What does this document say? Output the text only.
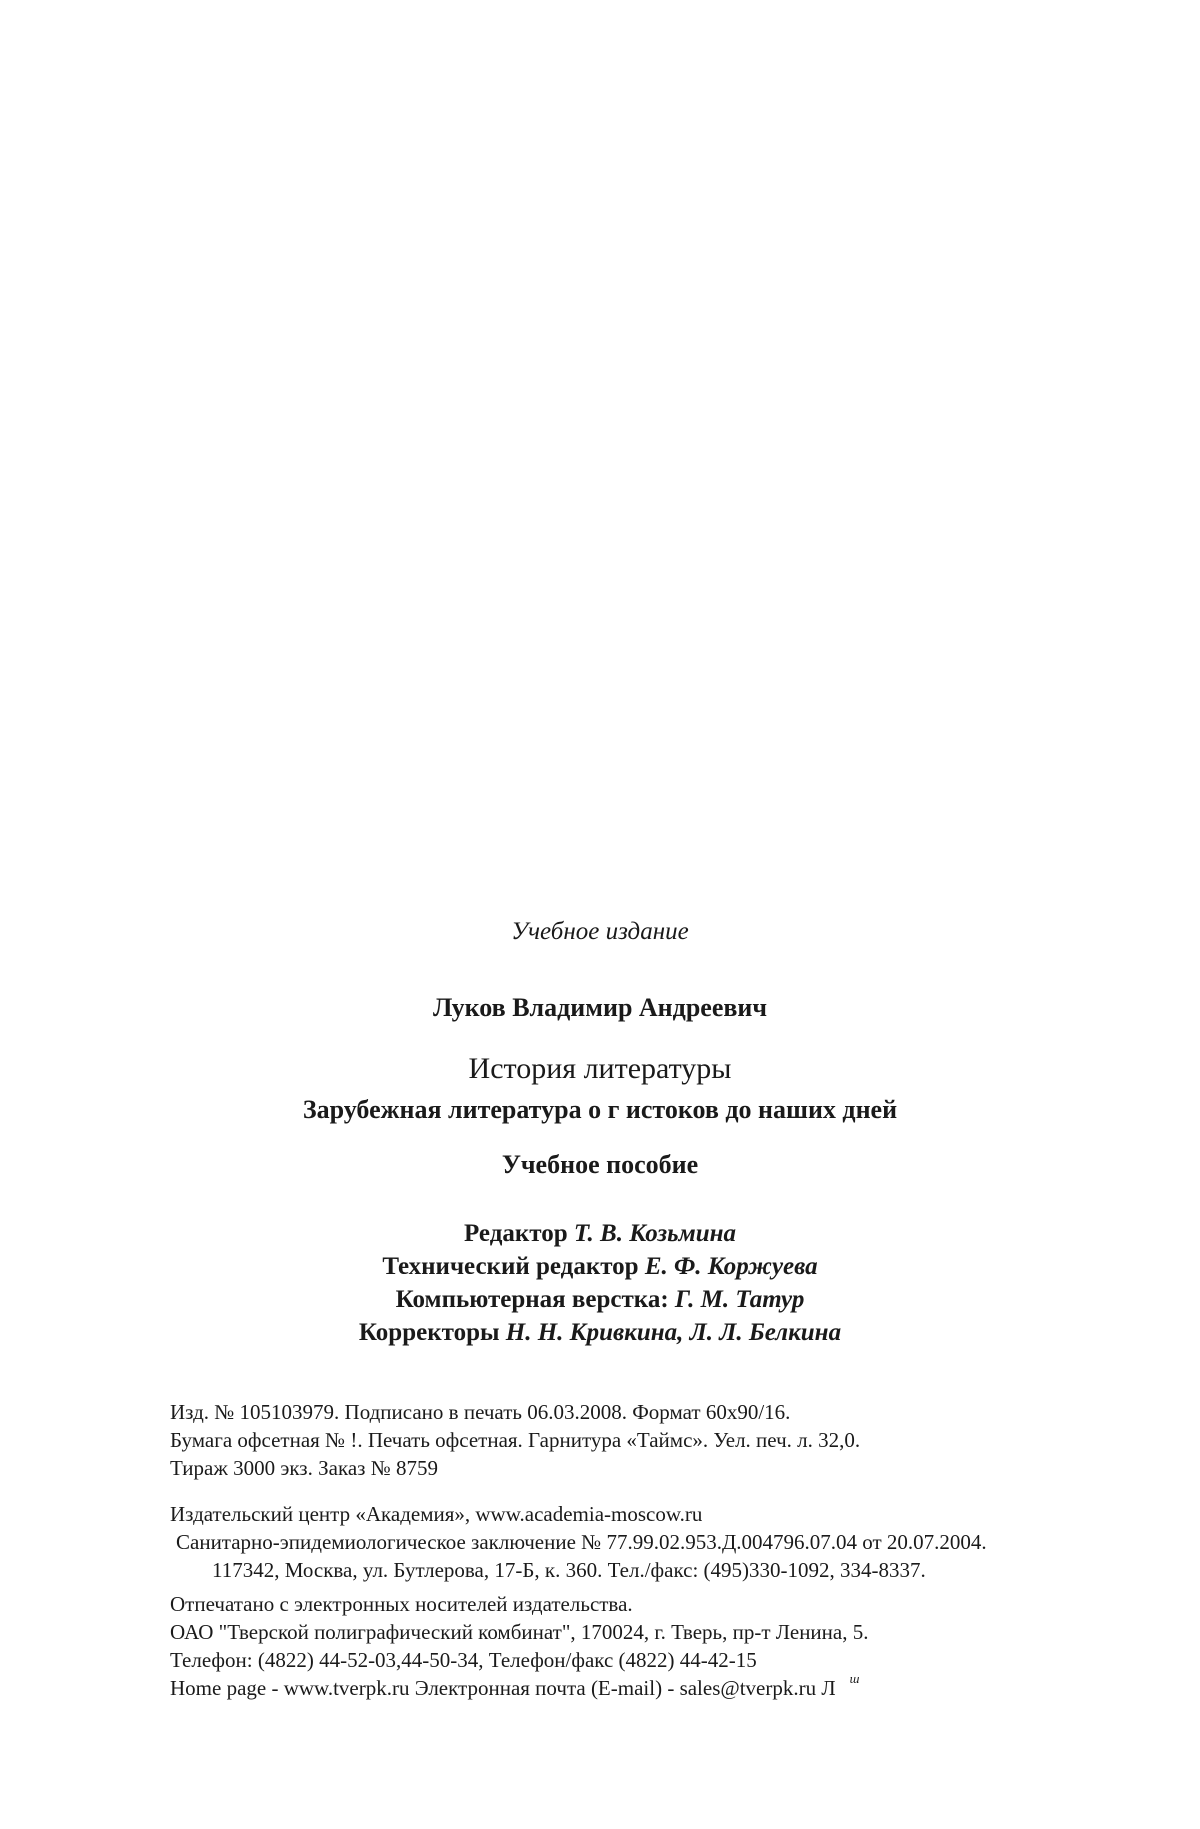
Учебное издание
Луков Владимир Андреевич
История литературы
Зарубежная литература о г истоков до наших дней
Учебное пособие
Редактор Т. В. Козьмина
Технический редактор Е. Ф. Коржуева
Компьютерная верстка: Г. М. Татур
Корректоры Н. Н. Кривкина, Л. Л. Белкина

Изд. № 105103979. Подписано в печать 06.03.2008. Формат 60x90/16.

Бумага офсетная № !. Печать офсетная. Гарнитура «Таймс». Уел. печ. л. 32,0.

Тираж 3000 экз. Заказ № 8759

Издательский центр «Академия», www.academia-moscow.ru

Санитарно-эпидемиологическое заключение № 77.99.02.953.Д.004796.07.04 от 20.07.2004.

117342, Москва, ул. Бутлерова, 17-Б, к. 360. Тел./факс: (495)330-1092, 334-8337.

Отпечатано с электронных носителей издательства.

ОАО "Тверской полиграфический комбинат", 170024, г. Тверь, пр-т Ленина, 5.

Телефон: (4822) 44-52-03,44-50-34, Телефон/факс (4822) 44-42-15

Home page - www.tverpk.ru Электронная почта (E-mail) - sales@tverpk.ru Л $^ш$
